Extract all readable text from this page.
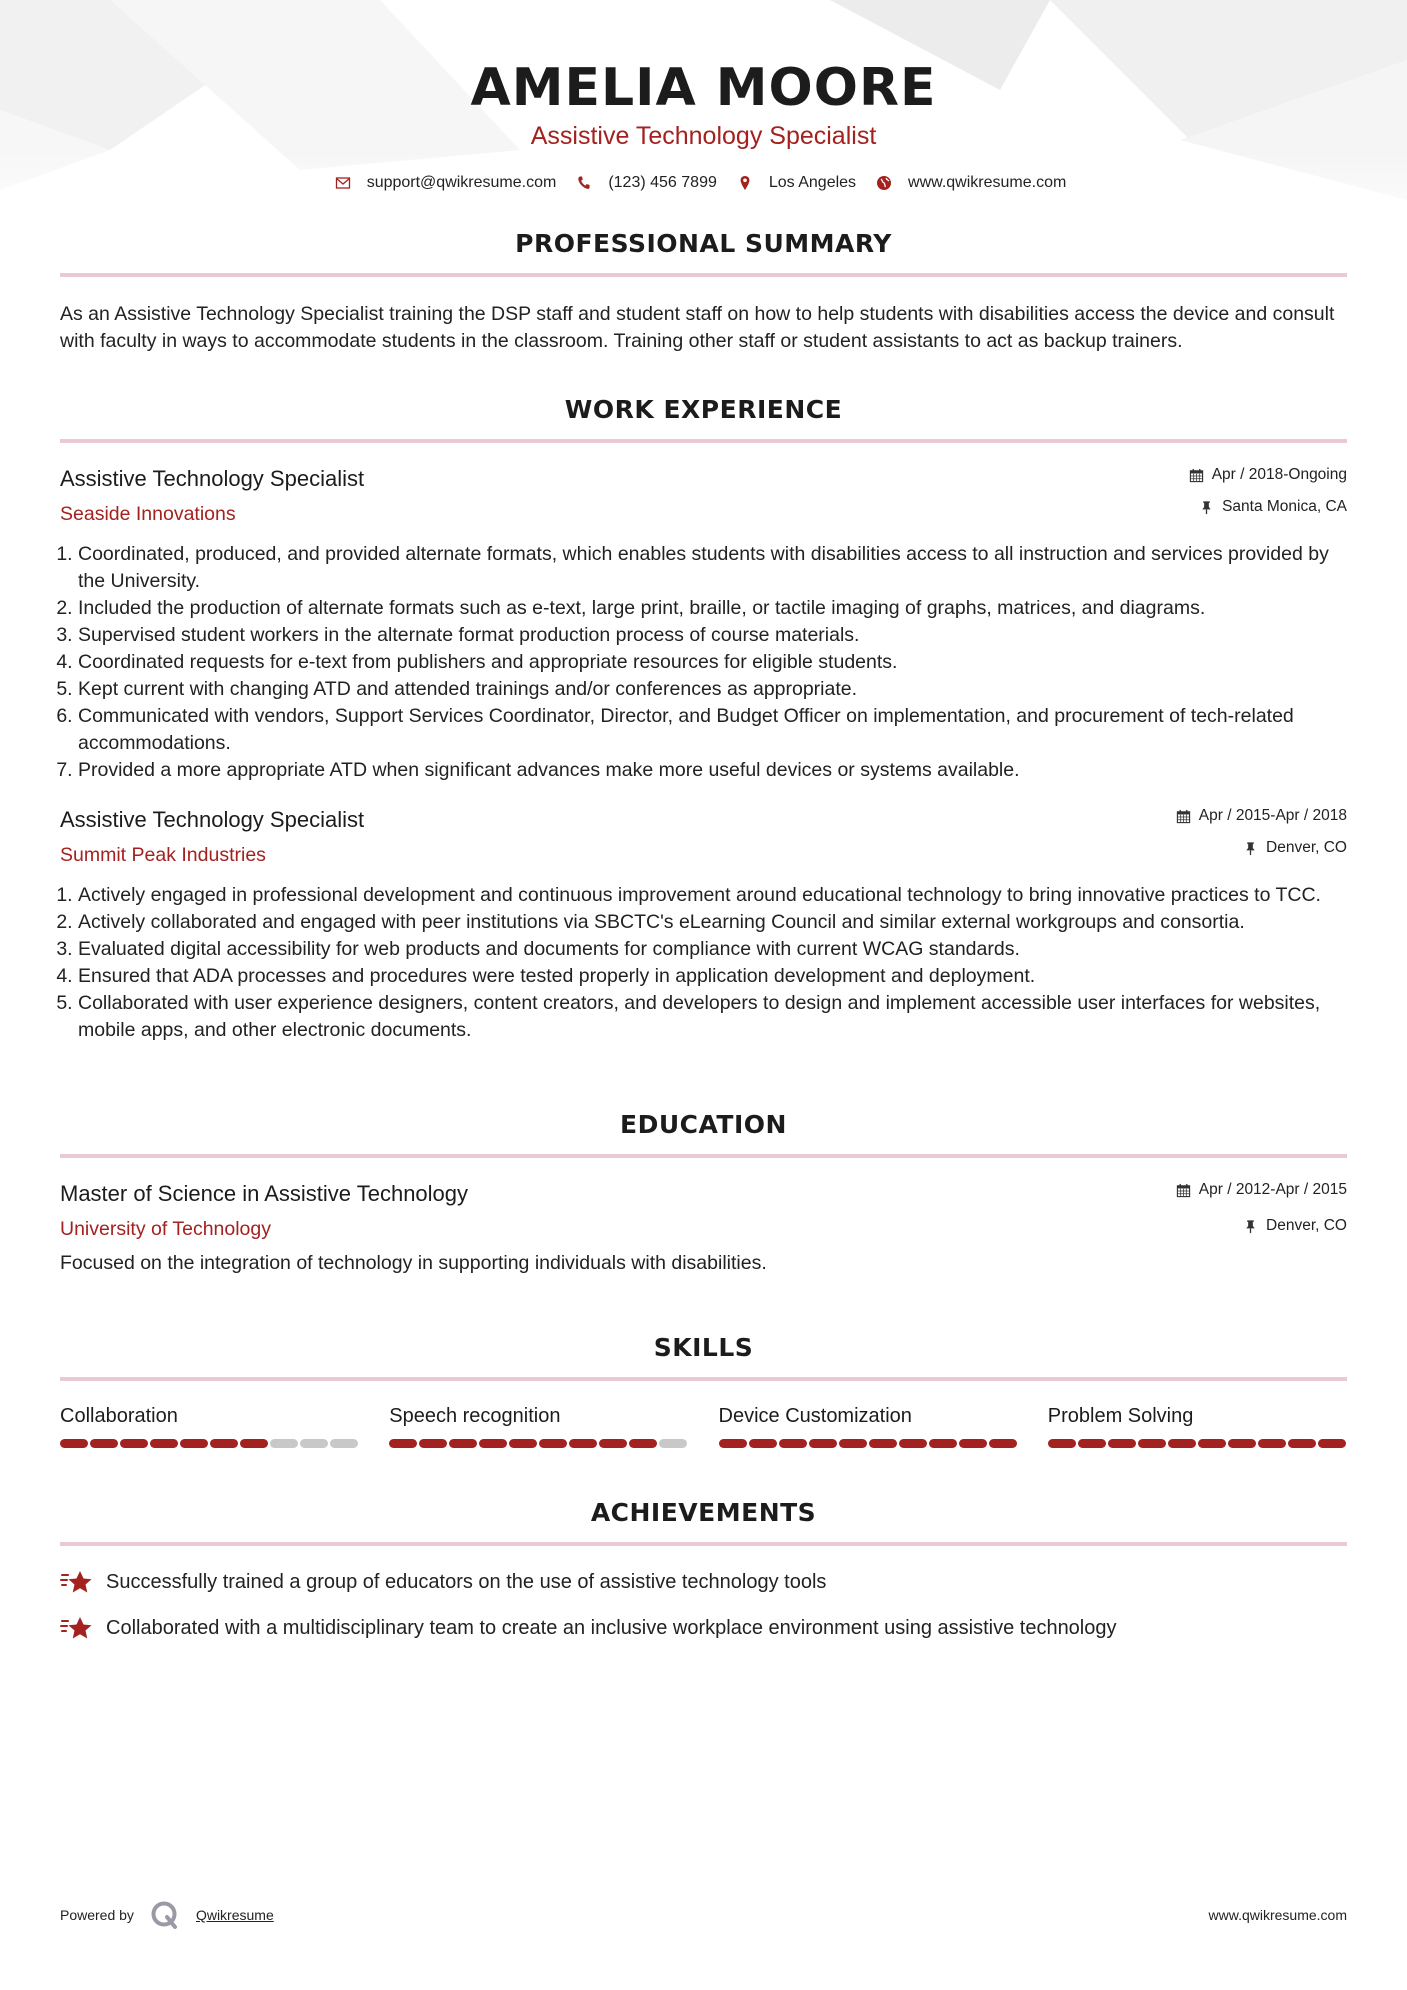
AMELIA MOORE
Assistive Technology Specialist
support@qwikresume.com	(123) 456 7899	Los Angeles	www.qwikresume.com
PROFESSIONAL SUMMARY

As an Assistive Technology Specialist training the DSP staff and student staff on how to help students with disabilities access the device and consult with faculty in ways to accommodate students in the classroom. Training other staff or student assistants to act as backup trainers.

WORK EXPERIENCE
Assistive Technology Specialist
Seaside Innovations
Apr / 2018-Ongoing
Santa Monica, CA
1. Coordinated, produced, and provided alternate formats, which enables students with disabilities access to all instruction and services provided by the University.
2. Included the production of alternate formats such as e-text, large print, braille, or tactile imaging of graphs, matrices, and diagrams.
3. Supervised student workers in the alternate format production process of course materials.
4. Coordinated requests for e-text from publishers and appropriate resources for eligible students.
5. Kept current with changing ATD and attended trainings and/or conferences as appropriate.
6. Communicated with vendors, Support Services Coordinator, Director, and Budget Officer on implementation, and procurement of tech-related accommodations.
7. Provided a more appropriate ATD when significant advances make more useful devices or systems available.
Assistive Technology Specialist
Summit Peak Industries
Apr / 2015-Apr / 2018
Denver, CO
1. Actively engaged in professional development and continuous improvement around educational technology to bring innovative practices to TCC.
2. Actively collaborated and engaged with peer institutions via SBCTC's eLearning Council and similar external workgroups and consortia.
3. Evaluated digital accessibility for web products and documents for compliance with current WCAG standards.
4. Ensured that ADA processes and procedures were tested properly in application development and deployment.
5. Collaborated with user experience designers, content creators, and developers to design and implement accessible user interfaces for websites, mobile apps, and other electronic documents.
EDUCATION
Master of Science in Assistive Technology
University of Technology
Apr / 2012-Apr / 2015
Denver, CO

Focused on the integration of technology in supporting individuals with disabilities.

SKILLS
Collaboration	Speech recognition	Device Customization	Problem Solving
ACHIEVEMENTS
Successfully trained a group of educators on the use of assistive technology tools
Collaborated with a multidisciplinary team to create an inclusive workplace environment using assistive technology
Powered by	Qwikresume	www.qwikresume.com
